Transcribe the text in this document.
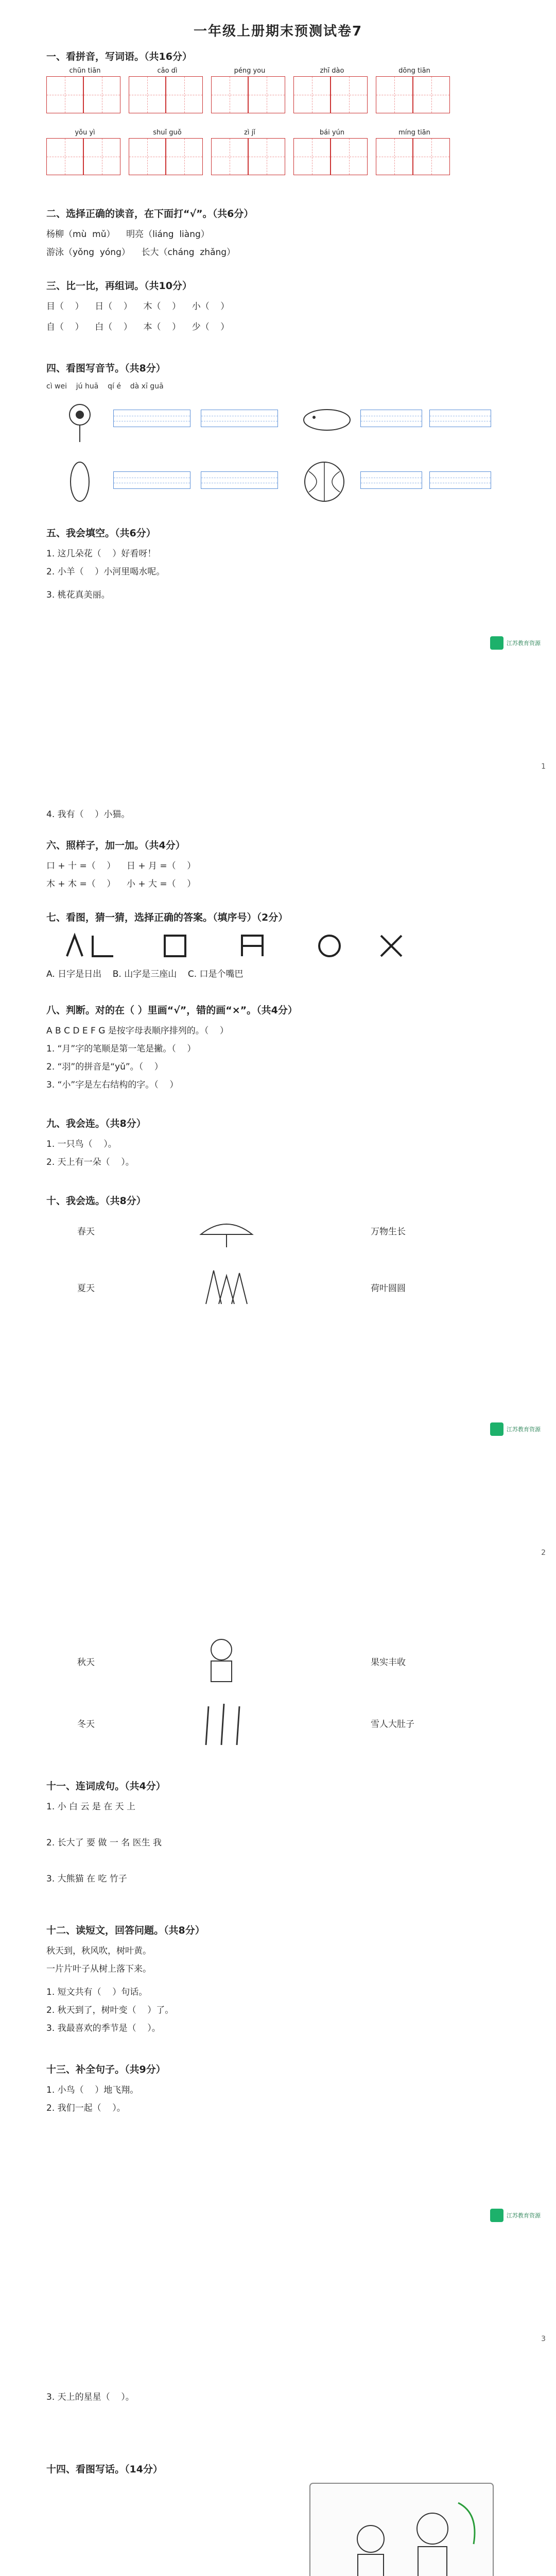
一年级上册期末预测试卷7
一、看拼音，写词语。（共16分）
chūn tiān	cǎo dì	péng you	zhī dào	dōng tiān
yǒu yì	shuǐ guǒ	zì jǐ	bái yún	míng tiān
二、选择正确的读音，在下面打“√”。（共6分）
杨柳（mù  mǔ）    明亮（liáng  liàng）
游泳（yǒng  yóng）    长大（cháng  zhǎng）
三、比一比，再组词。（共10分）
目（    ）    日（    ）    木（    ）    小（    ）
自（    ）    白（    ）    本（    ）    少（    ）
四、看图写音节。（共8分）
cì wei    jú huā    qí é    dà xī guā
五、我会填空。（共6分）
1. 这几朵花（    ）好看呀！
2. 小羊（    ）小河里喝水呢。
3. 桃花真美丽。
江苏教育资源
1
4. 我有（    ）小猫。
六、照样子，加一加。（共4分）
口 + 十 =（    ）    日 + 月 =（    ）
木 + 木 =（    ）    小 + 大 =（    ）
七、看图，猜一猜，选择正确的答案。（填序号）（2分）
A. 日字是日出    B. 山字是三座山    C. 口是个嘴巴
八、判断。对的在（ ）里画“√”，错的画“×”。（共4分）
A B C D E F G 是按字母表顺序排列的。（    ）
1. “月”字的笔顺是第一笔是撇。（    ）
2. “羽”的拼音是“yǔ”。（    ）
3. “小”字是左右结构的字。（    ）
九、我会连。（共8分）
1. 一只鸟（    ）。
2. 天上有一朵（    ）。
十、我会选。（共8分）
春天	万物生长
夏天	荷叶圆圆
江苏教育资源
2
秋天	果实丰收
冬天	雪人大肚子
十一、连词成句。（共4分）
1. 小 白 云 是 在 天 上
2. 长大了 要 做 一 名 医生 我
3. 大熊猫 在 吃 竹子
十二、读短文，回答问题。（共8分）
秋天到，秋风吹，树叶黄。
一片片叶子从树上落下来。
1. 短文共有（    ）句话。
2. 秋天到了，树叶变（    ）了。
3. 我最喜欢的季节是（    ）。
十三、补全句子。（共9分）
1. 小鸟（    ）地飞翔。
2. 我们一起（    ）。
江苏教育资源
3
3. 天上的星星（    ）。
十四、看图写话。（14分）
